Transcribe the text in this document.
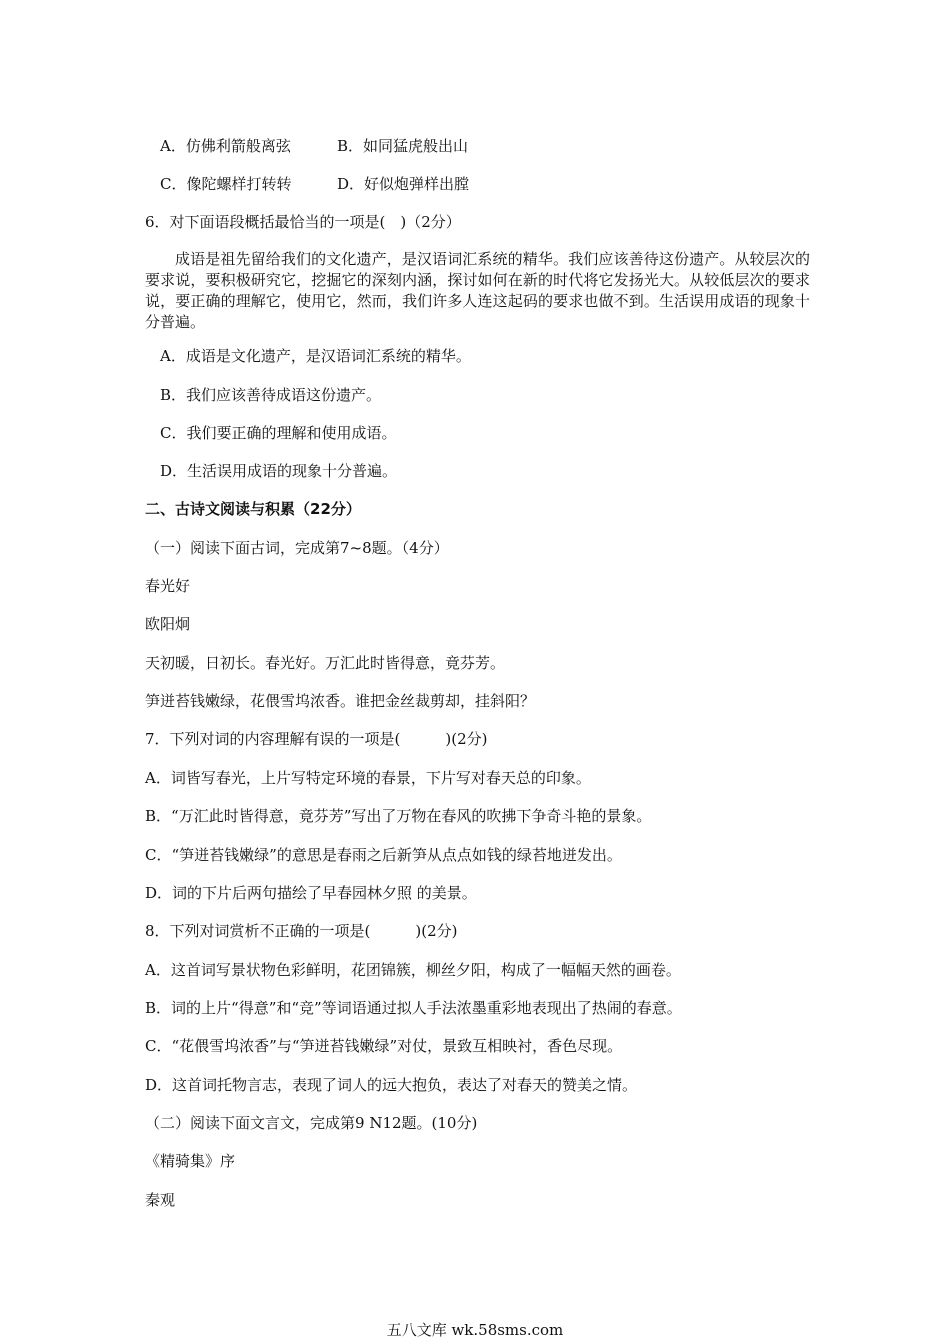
A．仿佛利箭般离弦	B．如同猛虎般出山
C．像陀螺样打转转	D．好似炮弹样出膛
6．对下面语段概括最恰当的一项是(　)（2分）
成语是祖先留给我们的文化遗产，是汉语词汇系统的精华。我们应该善待这份遗产。从较层次的要求说，要积极研究它，挖掘它的深刻内涵，探讨如何在新的时代将它发扬光大。从较低层次的要求说，要正确的理解它，使用它，然而，我们许多人连这起码的要求也做不到。生活误用成语的现象十分普遍。
A．成语是文化遗产，是汉语词汇系统的精华。
B．我们应该善待成语这份遗产。
C．我们要正确的理解和使用成语。
D．生活误用成语的现象十分普遍。
二、古诗文阅读与积累（22分）
（一）阅读下面古词，完成第7~8题。（4分）
春光好
欧阳炯
天初暖，日初长。春光好。万汇此时皆得意，竟芬芳。
笋迸苔钱嫩绿，花偎雪坞浓香。谁把金丝裁剪却，挂斜阳？
7．下列对词的内容理解有误的一项是(　　　)(2分)
A．词皆写春光，上片写特定环境的春景，下片写对春天总的印象。
B．“万汇此时皆得意，竟芬芳”写出了万物在春风的吹拂下争奇斗艳的景象。
C．“笋迸苔钱嫩绿”的意思是春雨之后新笋从点点如钱的绿苔地迸发出。
D．词的下片后两句描绘了早春园林夕照 的美景。
8．下列对词赏析不正确的一项是(　　　)(2分)
A．这首词写景状物色彩鲜明，花团锦簇，柳丝夕阳，构成了一幅幅天然的画卷。
B．词的上片“得意”和“竞”等词语通过拟人手法浓墨重彩地表现出了热闹的春意。
C．“花偎雪坞浓香”与“笋迸苔钱嫩绿”对仗，景致互相映衬，香色尽现。
D．这首词托物言志，表现了词人的远大抱负，表达了对春天的赞美之情。
（二）阅读下面文言文，完成第9 N12题。(10分)
《精骑集》序
秦观
五八文库 wk.58sms.com
